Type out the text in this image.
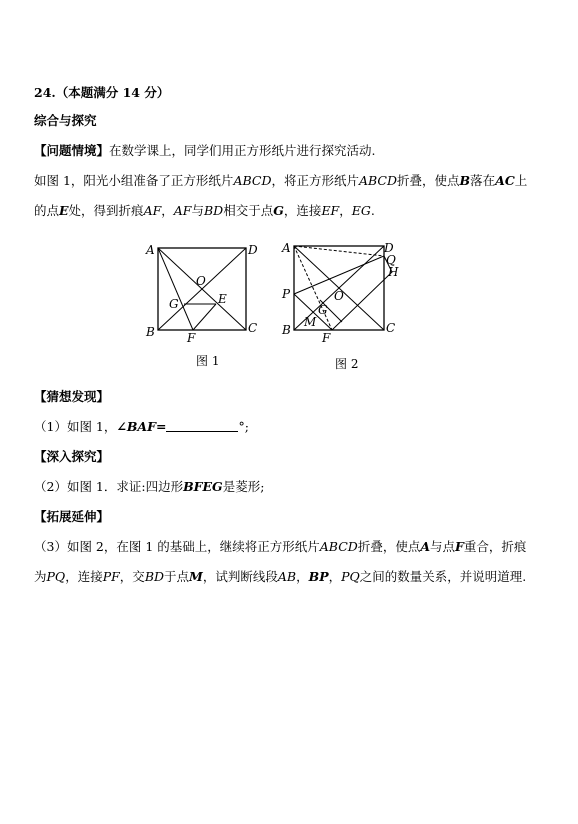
24.（本题满分 14 分）
综合与探究
【问题情境】在数学课上，同学们用正方形纸片进行探究活动.
如图 1，阳光小组准备了正方形纸片ABCD，将正方形纸片ABCD折叠，使点B落在AC上
的点E处，得到折痕AF，AF与BD相交于点G，连接EF，EG.
A	D
B	C
O
G	E
F
图 1
A	D
Q
H
P	O
G
B
M
F
C
图 2
【猜想发现】
（1）如图 1，∠BAF=	°;
【深入探究】
（2）如图 1．求证:四边形BFEG是菱形;
【拓展延伸】
（3）如图 2，在图 1 的基础上，继续将正方形纸片ABCD折叠，使点A与点F重合，折痕
为PQ，连接PF，交BD于点M，试判断线段AB，BP，PQ之间的数量关系，并说明道理.
